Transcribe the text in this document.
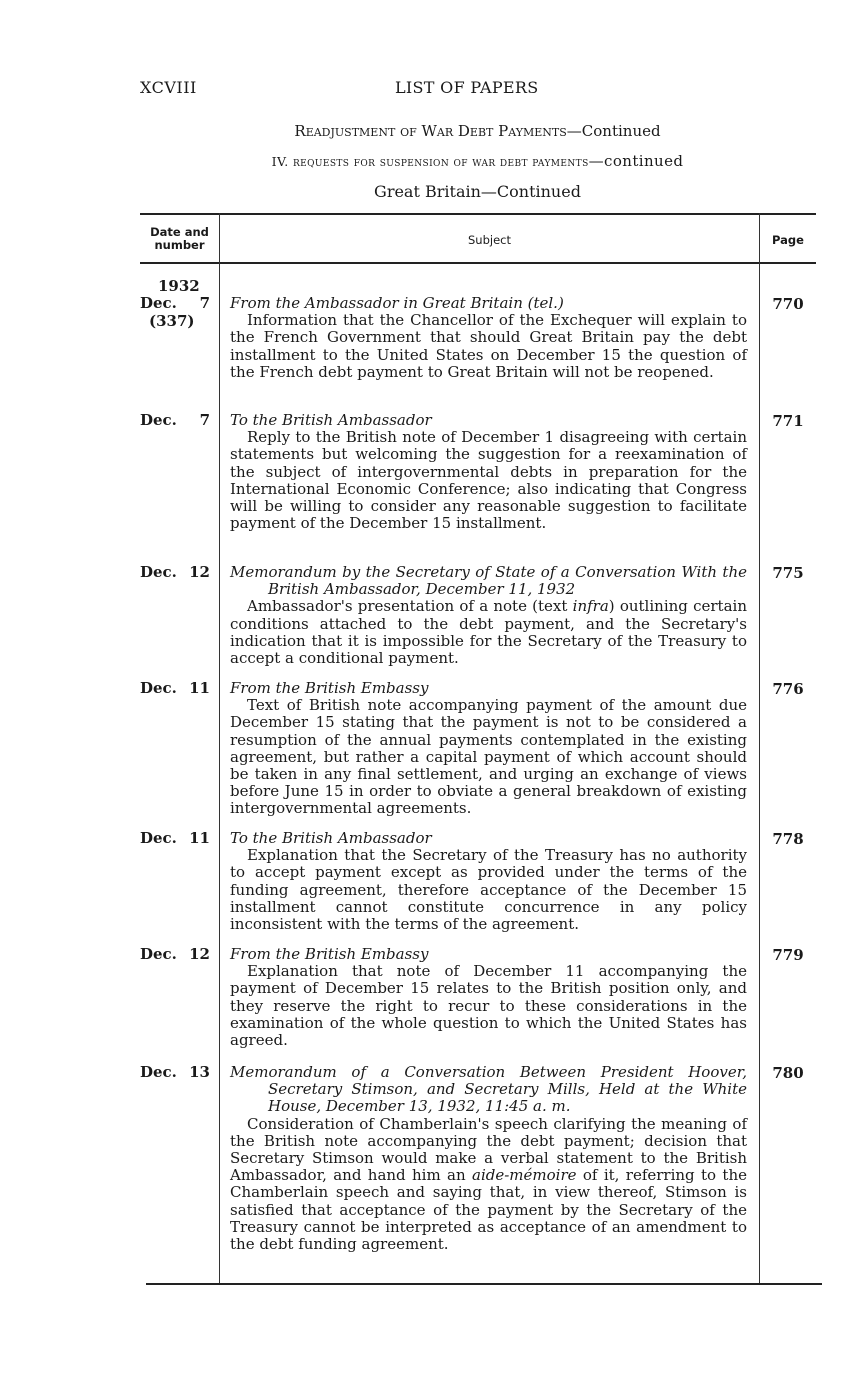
XCVIII	LIST OF PAPERS
Readjustment of War Debt Payments—Continued
IV. requests for suspension of war debt payments—continued
Great Britain—Continued
Date and number	Subject	Page
1932
Dec. 7
(337)
From the Ambassador in Great Britain (tel.)
Information that the Chancellor of the Exchequer will explain to the French Government that should Great Britain pay the debt installment to the United States on December 15 the question of the French debt payment to Great Britain will not be reopened.
770
Dec. 7 To the British Ambassador
Reply to the British note of December 1 disagreeing with certain statements but welcoming the suggestion for a reexamination of the subject of intergovernmental debts in preparation for the International Economic Conference; also indicating that Congress will be willing to consider any reasonable suggestion to facilitate payment of the December 15 installment.
771
Dec. 12 Memorandum by the Secretary of State of a Conversation With the British Ambassador, December 11, 1932
Ambassador's presentation of a note (text infra) outlining certain conditions attached to the debt payment, and the Secretary's indication that it is impossible for the Secretary of the Treasury to accept a conditional payment.
775
Dec. 11 From the British Embassy
Text of British note accompanying payment of the amount due December 15 stating that the payment is not to be considered a resumption of the annual payments contemplated in the existing agreement, but rather a capital payment of which account should be taken in any final settlement, and urging an exchange of views before June 15 in order to obviate a general breakdown of existing intergovernmental agreements.
776
Dec. 11 To the British Ambassador
Explanation that the Secretary of the Treasury has no authority to accept payment except as provided under the terms of the funding agreement, therefore acceptance of the December 15 installment cannot constitute concurrence in any policy inconsistent with the terms of the agreement.
778
Dec. 12 From the British Embassy
Explanation that note of December 11 accompanying the payment of December 15 relates to the British position only, and they reserve the right to recur to these considerations in the examination of the whole question to which the United States has agreed.
779
Dec. 13 Memorandum of a Conversation Between President Hoover, Secretary Stimson, and Secretary Mills, Held at the White House, December 13, 1932, 11:45 a. m.
Consideration of Chamberlain's speech clarifying the meaning of the British note accompanying the debt payment; decision that Secretary Stimson would make a verbal statement to the British Ambassador, and hand him an aide-mémoire of it, referring to the Chamberlain speech and saying that, in view thereof, Stimson is satisfied that acceptance of the payment by the Secretary of the Treasury cannot be interpreted as acceptance of an amendment to the debt funding agreement.
780
